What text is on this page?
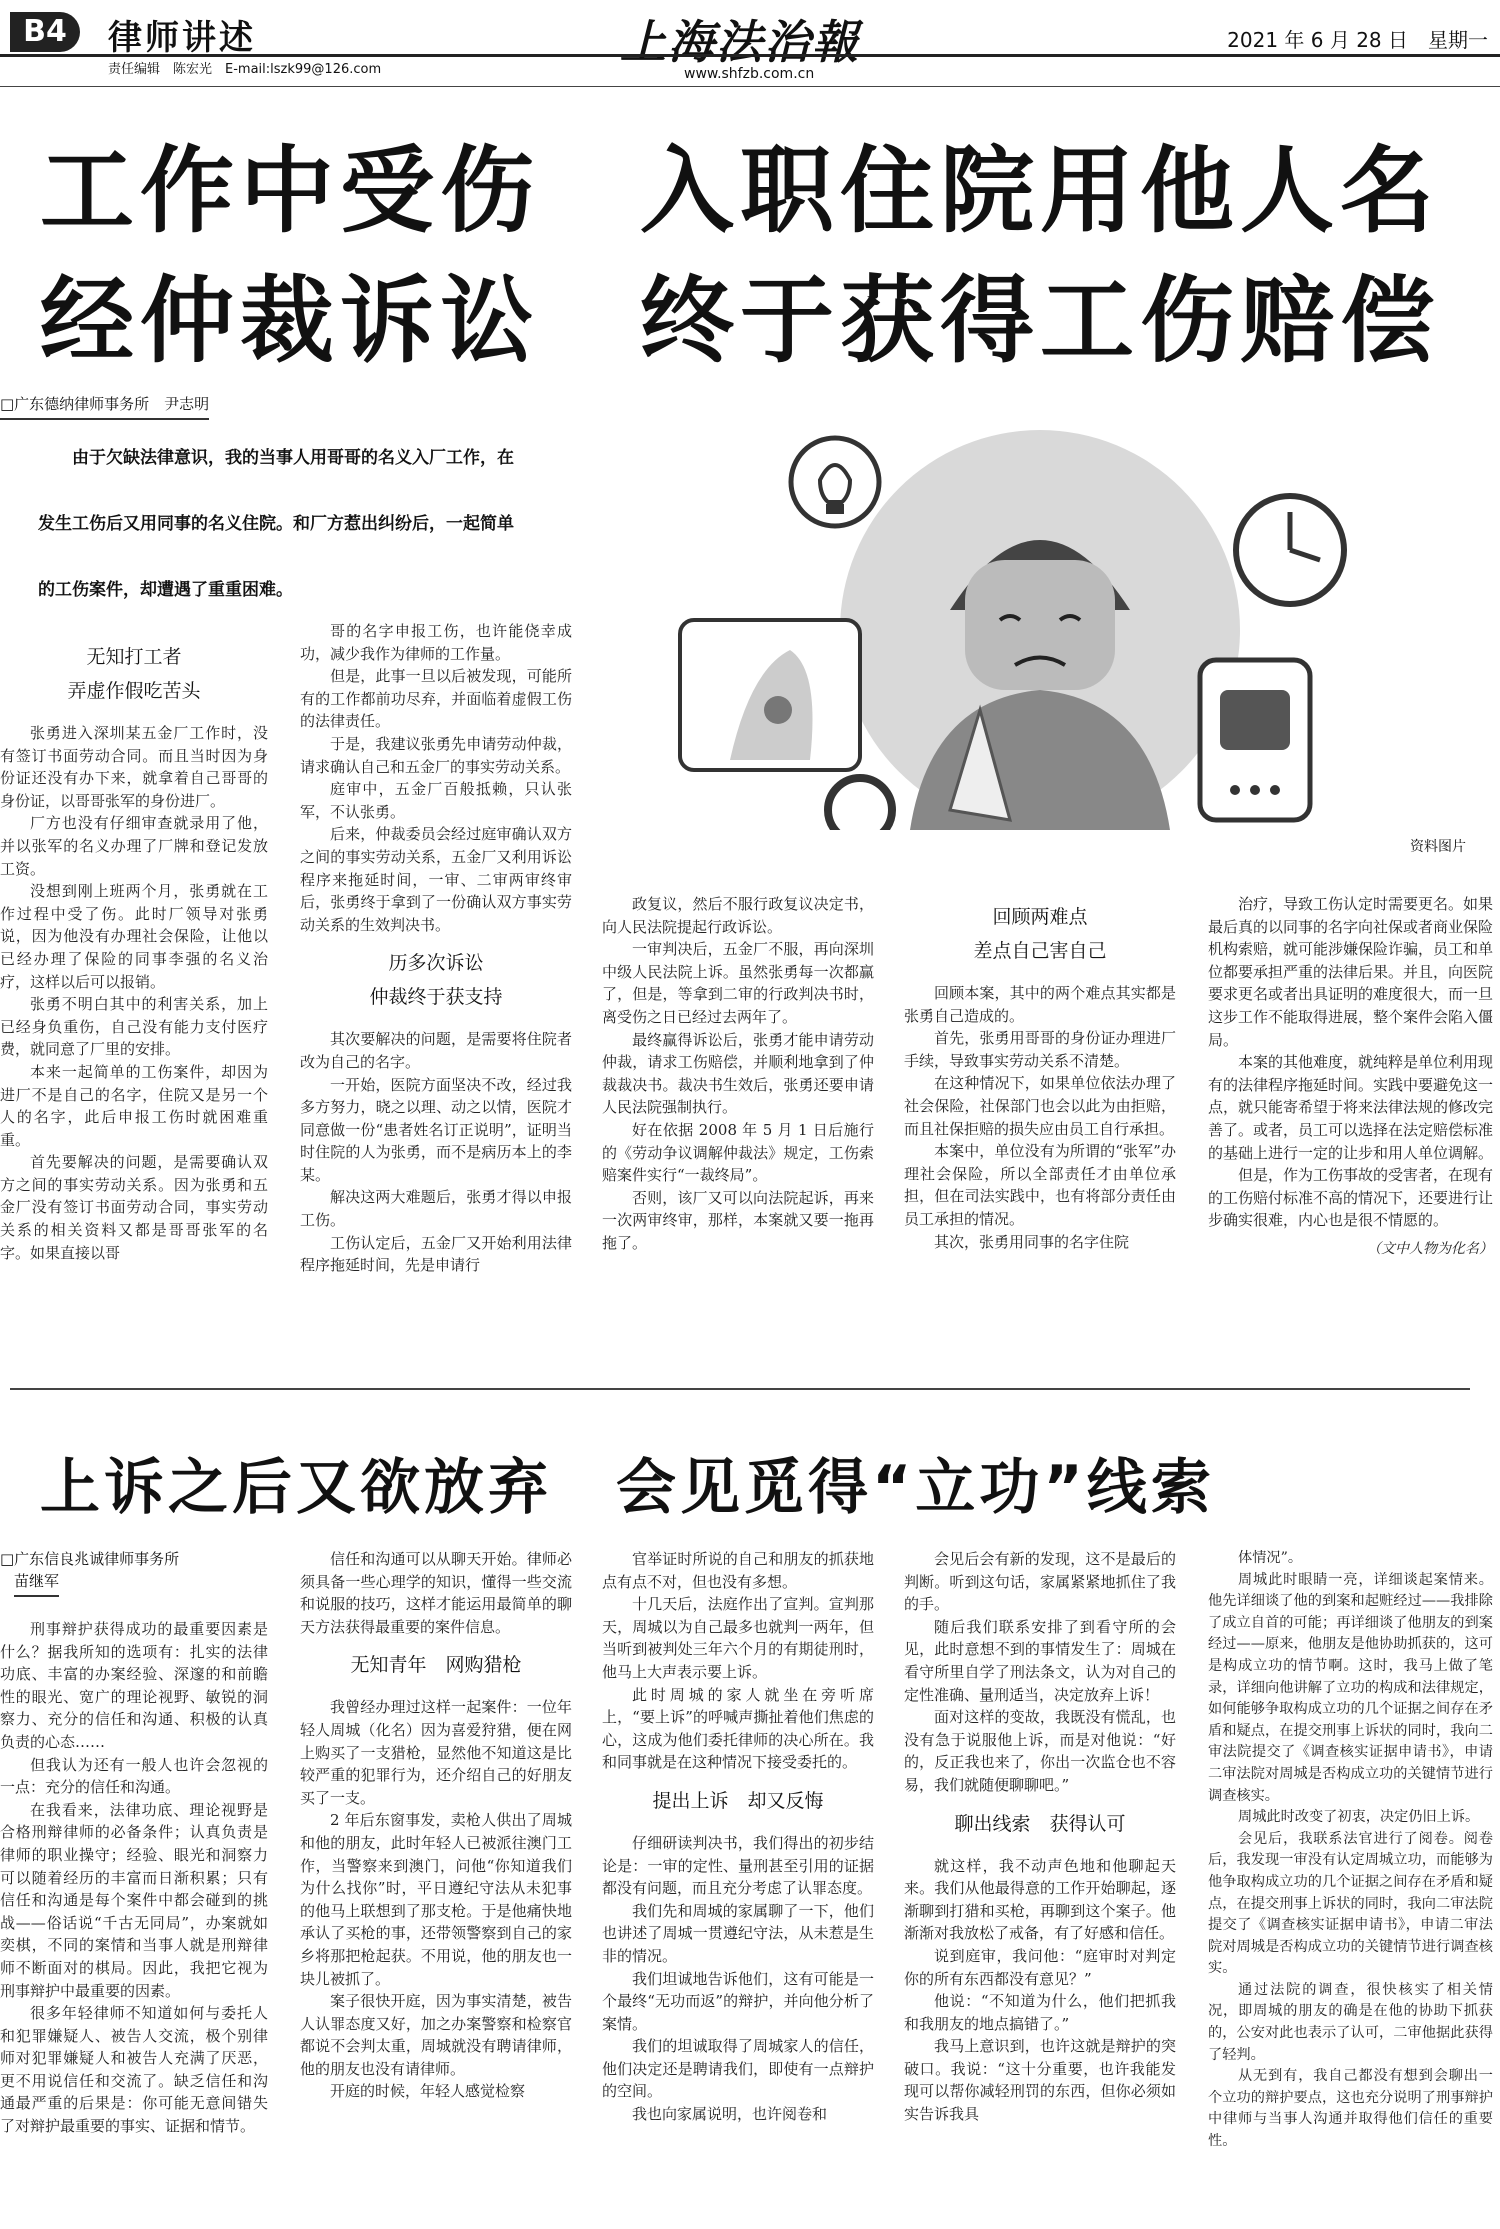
B4	律师讲述
责任编辑　陈宏光　E-mail:lszk99@126.com
上海法治報
www.shfzb.com.cn
2021 年 6 月 28 日　星期一
工作中受伤　入职住院用他人名
经仲裁诉讼　终于获得工伤赔偿
□广东德纳律师事务所　尹志明
由于欠缺法律意识，我的当事人用哥哥的名义入厂工作，在发生工伤后又用同事的名义住院。和厂方惹出纠纷后，一起简单的工伤案件，却遭遇了重重困难。
资料图片
无知打工者
弄虚作假吃苦头

张勇进入深圳某五金厂工作时，没有签订书面劳动合同。而且当时因为身份证还没有办下来，就拿着自己哥哥的身份证，以哥哥张军的身份进厂。

厂方也没有仔细审查就录用了他，并以张军的名义办理了厂牌和登记发放工资。

没想到刚上班两个月，张勇就在工作过程中受了伤。此时厂领导对张勇说，因为他没有办理社会保险，让他以已经办理了保险的同事李强的名义治疗，这样以后可以报销。

张勇不明白其中的利害关系，加上已经身负重伤，自己没有能力支付医疗费，就同意了厂里的安排。

本来一起简单的工伤案件，却因为进厂不是自己的名字，住院又是另一个人的名字，此后申报工伤时就困难重重。

首先要解决的问题，是需要确认双方之间的事实劳动关系。因为张勇和五金厂没有签订书面劳动合同，事实劳动关系的相关资料又都是哥哥张军的名字。如果直接以哥

哥的名字申报工伤，也许能侥幸成功，减少我作为律师的工作量。

但是，此事一旦以后被发现，可能所有的工作都前功尽弃，并面临着虚假工伤的法律责任。

于是，我建议张勇先申请劳动仲裁，请求确认自己和五金厂的事实劳动关系。

庭审中，五金厂百般抵赖，只认张军，不认张勇。

后来，仲裁委员会经过庭审确认双方之间的事实劳动关系，五金厂又利用诉讼程序来拖延时间，一审、二审两审终审后，张勇终于拿到了一份确认双方事实劳动关系的生效判决书。

历多次诉讼
仲裁终于获支持

其次要解决的问题，是需要将住院者改为自己的名字。

一开始，医院方面坚决不改，经过我多方努力，晓之以理、动之以情，医院才同意做一份“患者姓名订正说明”，证明当时住院的人为张勇，而不是病历本上的李某。

解决这两大难题后，张勇才得以申报工伤。

工伤认定后，五金厂又开始利用法律程序拖延时间，先是申请行

政复议，然后不服行政复议决定书，向人民法院提起行政诉讼。

一审判决后，五金厂不服，再向深圳中级人民法院上诉。虽然张勇每一次都赢了，但是，等拿到二审的行政判决书时，离受伤之日已经过去两年了。

最终赢得诉讼后，张勇才能申请劳动仲裁，请求工伤赔偿，并顺利地拿到了仲裁裁决书。裁决书生效后，张勇还要申请人民法院强制执行。

好在依据 2008 年 5 月 1 日后施行的《劳动争议调解仲裁法》规定，工伤索赔案件实行“一裁终局”。

否则，该厂又可以向法院起诉，再来一次两审终审，那样，本案就又要一拖再拖了。

回顾两难点
差点自己害自己

回顾本案，其中的两个难点其实都是张勇自己造成的。

首先，张勇用哥哥的身份证办理进厂手续，导致事实劳动关系不清楚。

在这种情况下，如果单位依法办理了社会保险，社保部门也会以此为由拒赔，而且社保拒赔的损失应由员工自行承担。

本案中，单位没有为所谓的“张军”办理社会保险，所以全部责任才由单位承担，但在司法实践中，也有将部分责任由员工承担的情况。

其次，张勇用同事的名字住院

治疗，导致工伤认定时需要更名。如果最后真的以同事的名字向社保或者商业保险机构索赔，就可能涉嫌保险诈骗，员工和单位都要承担严重的法律后果。并且，向医院要求更名或者出具证明的难度很大，而一旦这步工作不能取得进展，整个案件会陷入僵局。

本案的其他难度，就纯粹是单位利用现有的法律程序拖延时间。实践中要避免这一点，就只能寄希望于将来法律法规的修改完善了。或者，员工可以选择在法定赔偿标准的基础上进行一定的让步和用人单位调解。

但是，作为工伤事故的受害者，在现有的工伤赔付标准不高的情况下，还要进行让步确实很难，内心也是很不情愿的。

（文中人物为化名）

上诉之后又欲放弃　会见觅得“立功”线索
□广东信良兆诚律师事务所
苗继军

刑事辩护获得成功的最重要因素是什么？据我所知的选项有：扎实的法律功底、丰富的办案经验、深邃的和前瞻性的眼光、宽广的理论视野、敏锐的洞察力、充分的信任和沟通、积极的认真负责的心态……

但我认为还有一般人也许会忽视的一点：充分的信任和沟通。

在我看来，法律功底、理论视野是合格刑辩律师的必备条件；认真负责是律师的职业操守；经验、眼光和洞察力可以随着经历的丰富而日渐积累；只有信任和沟通是每个案件中都会碰到的挑战——俗话说“千古无同局”，办案就如奕棋，不同的案情和当事人就是刑辩律师不断面对的棋局。因此，我把它视为刑事辩护中最重要的因素。

很多年轻律师不知道如何与委托人和犯罪嫌疑人、被告人交流，极个别律师对犯罪嫌疑人和被告人充满了厌恶，更不用说信任和交流了。缺乏信任和沟通最严重的后果是：你可能无意间错失了对辩护最重要的事实、证据和情节。

信任和沟通可以从聊天开始。律师必须具备一些心理学的知识，懂得一些交流和说服的技巧，这样才能运用最简单的聊天方法获得最重要的案件信息。

无知青年　网购猎枪

我曾经办理过这样一起案件：一位年轻人周城（化名）因为喜爱狩猎，便在网上购买了一支猎枪，显然他不知道这是比较严重的犯罪行为，还介绍自己的好朋友买了一支。

2 年后东窗事发，卖枪人供出了周城和他的朋友，此时年轻人已被派往澳门工作，当警察来到澳门，问他“你知道我们为什么找你”时，平日遵纪守法从未犯事的他马上联想到了那支枪。于是他痛快地承认了买枪的事，还带领警察到自己的家乡将那把枪起获。不用说，他的朋友也一块儿被抓了。

案子很快开庭，因为事实清楚，被告人认罪态度又好，加之办案警察和检察官都说不会判太重，周城就没有聘请律师，他的朋友也没有请律师。

开庭的时候，年轻人感觉检察

官举证时所说的自己和朋友的抓获地点有点不对，但也没有多想。

十几天后，法庭作出了宣判。宣判那天，周城以为自己最多也就判一两年，但当听到被判处三年六个月的有期徒刑时，他马上大声表示要上诉。

此时周城的家人就坐在旁听席上，“要上诉”的呼喊声撕扯着他们焦虑的心，这成为他们委托律师的决心所在。我和同事就是在这种情况下接受委托的。

提出上诉　却又反悔

仔细研读判决书，我们得出的初步结论是：一审的定性、量刑甚至引用的证据都没有问题，而且充分考虑了认罪态度。

我们先和周城的家属聊了一下，他们也讲述了周城一贯遵纪守法，从未惹是生非的情况。

我们坦诚地告诉他们，这有可能是一个最终“无功而返”的辩护，并向他分析了案情。

我们的坦诚取得了周城家人的信任，他们决定还是聘请我们，即使有一点辩护的空间。

我也向家属说明，也许阅卷和

会见后会有新的发现，这不是最后的判断。听到这句话，家属紧紧地抓住了我的手。

随后我们联系安排了到看守所的会见，此时意想不到的事情发生了：周城在看守所里自学了刑法条文，认为对自己的定性准确、量刑适当，决定放弃上诉！

面对这样的变故，我既没有慌乱，也没有急于说服他上诉，而是对他说：“好的，反正我也来了，你出一次监仓也不容易，我们就随便聊聊吧。”

聊出线索　获得认可

就这样，我不动声色地和他聊起天来。我们从他最得意的工作开始聊起，逐渐聊到打猎和买枪，再聊到这个案子。他渐渐对我放松了戒备，有了好感和信任。

说到庭审，我问他：“庭审时对判定你的所有东西都没有意见？”

他说：“不知道为什么，他们把抓我和我朋友的地点搞错了。”

我马上意识到，也许这就是辩护的突破口。我说：“这十分重要，也许我能发现可以帮你减轻刑罚的东西，但你必须如实告诉我具

体情况”。

周城此时眼睛一亮，详细谈起案情来。他先详细谈了他的到案和起赃经过——我排除了成立自首的可能；再详细谈了他朋友的到案经过——原来，他朋友是他协助抓获的，这可是构成立功的情节啊。这时，我马上做了笔录，详细向他讲解了立功的构成和法律规定，如何能够争取构成立功的几个证据之间存在矛盾和疑点，在提交刑事上诉状的同时，我向二审法院提交了《调查核实证据申请书》，申请二审法院对周城是否构成立功的关键情节进行调查核实。

周城此时改变了初衷，决定仍旧上诉。

会见后，我联系法官进行了阅卷。阅卷后，我发现一审没有认定周城立功，而能够为他争取构成立功的几个证据之间存在矛盾和疑点，在提交刑事上诉状的同时，我向二审法院提交了《调查核实证据申请书》，申请二审法院对周城是否构成立功的关键情节进行调查核实。

通过法院的调查，很快核实了相关情况，即周城的朋友的确是在他的协助下抓获的，公安对此也表示了认可，二审他据此获得了轻判。

从无到有，我自己都没有想到会聊出一个立功的辩护要点，这也充分说明了刑事辩护中律师与当事人沟通并取得他们信任的重要性。
